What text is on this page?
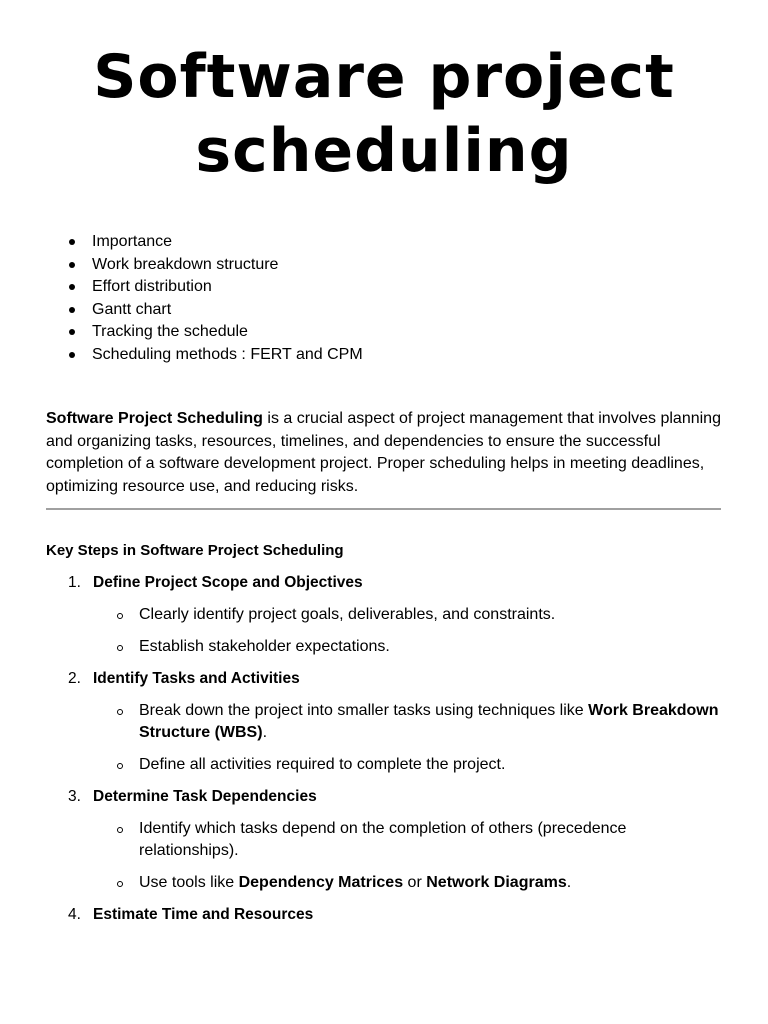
Software project
scheduling
Importance
Work breakdown structure
Effort distribution
Gantt chart
Tracking the schedule
Scheduling methods : FERT and CPM

Software Project Scheduling is a crucial aspect of project management that involves planning and organizing tasks, resources, timelines, and dependencies to ensure the successful completion of a software development project. Proper scheduling helps in meeting deadlines, optimizing resource use, and reducing risks.

Key Steps in Software Project Scheduling
1. Define Project Scope and Objectives
Clearly identify project goals, deliverables, and constraints.
Establish stakeholder expectations.
2. Identify Tasks and Activities
Break down the project into smaller tasks using techniques like Work Breakdown Structure (WBS).
Define all activities required to complete the project.
3. Determine Task Dependencies
Identify which tasks depend on the completion of others (precedence relationships).
Use tools like Dependency Matrices or Network Diagrams.
4. Estimate Time and Resources
